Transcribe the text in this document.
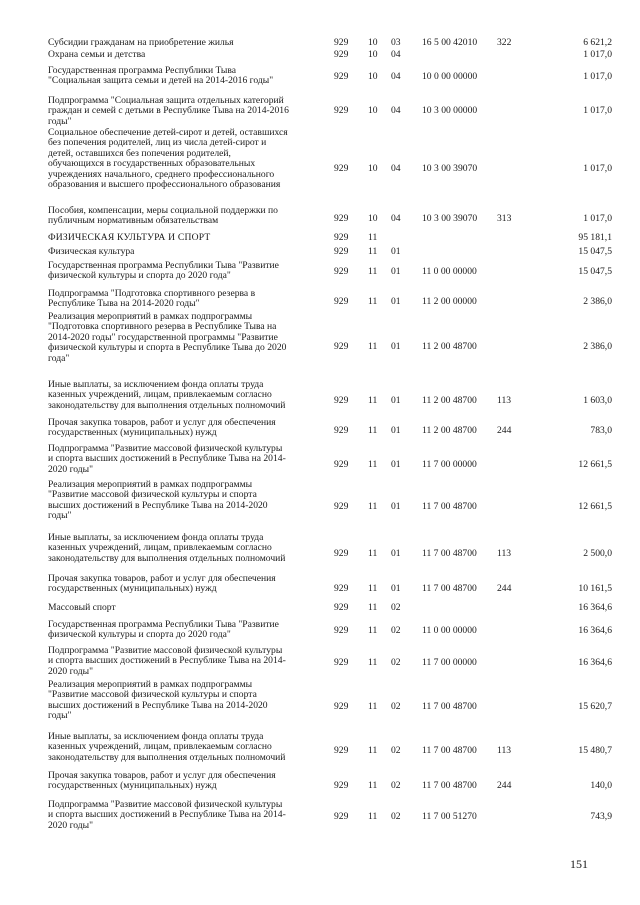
Субсидии гражданам на приобретение жилья	929 10 03 16 5 00 42010 322	6 621,2
Охрана семьи и детства	929 10 04	1 017,0
Государственная программа Республики Тыва
"Социальная защита семьи и детей на 2014-2016 годы"	929 10 04 10 0 00 00000	1 017,0
Подпрограмма "Социальная защита отдельных категорий
граждан и семей с детьми в Республике Тыва на 2014-2016
годы"
929 10 04 10 3 00 00000	1 017,0
Социальное обеспечение детей-сирот и детей, оставшихся
без попечения родителей, лиц из числа детей-сирот и
детей, оставшихся без попечения родителей,
обучающихся в государственных образовательных
учреждениях начального, среднего профессионального
образования и высшего профессионального образования
929 10 04 10 3 00 39070	1 017,0
Пособия, компенсации, меры социальной поддержки по
публичным нормативным обязательствам	929 10 04 10 3 00 39070 313	1 017,0
ФИЗИЧЕСКАЯ КУЛЬТУРА И СПОРТ	929 11	95 181,1
Физическая культура	929 11 01	15 047,5
Государственная программа Республики Тыва "Развитие
физической культуры и спорта до 2020 года"	929 11 01 11 0 00 00000	15 047,5
Подпрограмма "Подготовка спортивного резерва в
Республике Тыва на 2014-2020 годы"	929 11 01 11 2 00 00000	2 386,0
Реализация мероприятий в рамках подпрограммы
"Подготовка спортивного резерва в Республике Тыва на
2014-2020 годы" государственной программы "Развитие
физической культуры и спорта в Республике Тыва до 2020
года"
929 11 01 11 2 00 48700	2 386,0
Иные выплаты, за исключением фонда оплаты труда
казенных учреждений, лицам, привлекаемым согласно
законодательству для выполнения отдельных полномочий	929 11 01 11 2 00 48700 113	1 603,0
Прочая закупка товаров, работ и услуг для обеспечения
государственных (муниципальных) нужд	929 11 01 11 2 00 48700 244	783,0
Подпрограмма "Развитие массовой физической культуры
и спорта высших достижений в Республике Тыва на 2014-
2020 годы"	929 11 01 11 7 00 00000	12 661,5
Реализация мероприятий в рамках подпрограммы
"Развитие массовой физической культуры и спорта
высших достижений в Республике Тыва на 2014-2020
годы"
929 11 01 11 7 00 48700	12 661,5
Иные выплаты, за исключением фонда оплаты труда
казенных учреждений, лицам, привлекаемым согласно
законодательству для выполнения отдельных полномочий	929 11 01 11 7 00 48700 113	2 500,0
Прочая закупка товаров, работ и услуг для обеспечения
государственных (муниципальных) нужд	929 11 01 11 7 00 48700 244	10 161,5
Массовый спорт	929 11 02	16 364,6
Государственная программа Республики Тыва "Развитие
физической культуры и спорта до 2020 года"	929 11 02 11 0 00 00000	16 364,6
Подпрограмма "Развитие массовой физической культуры
и спорта высших достижений в Республике Тыва на 2014-
2020 годы"
929 11 02 11 7 00 00000	16 364,6
Реализация мероприятий в рамках подпрограммы
"Развитие массовой физической культуры и спорта
высших достижений в Республике Тыва на 2014-2020
годы"
929 11 02 11 7 00 48700	15 620,7
Иные выплаты, за исключением фонда оплаты труда
казенных учреждений, лицам, привлекаемым согласно
законодательству для выполнения отдельных полномочий
929 11 02 11 7 00 48700 113	15 480,7
Прочая закупка товаров, работ и услуг для обеспечения
государственных (муниципальных) нужд	929 11 02 11 7 00 48700 244	140,0
Подпрограмма "Развитие массовой физической культуры
и спорта высших достижений в Республике Тыва на 2014-
2020 годы"
929 11 02 11 7 00 51270	743,9
151
